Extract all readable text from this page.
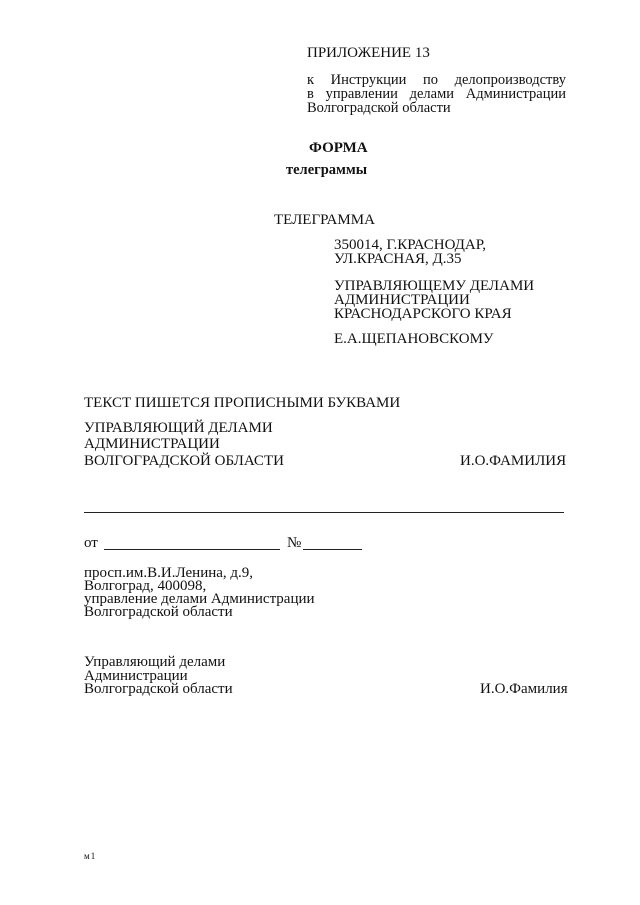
ПРИЛОЖЕНИЕ 13
к Инструкции по делопроизводству
в управлении делами Администрации
Волгоградской области
ФОРМА
телеграммы
ТЕЛЕГРАММА
350014, Г.КРАСНОДАР,
УЛ.КРАСНАЯ, Д.35
УПРАВЛЯЮЩЕМУ ДЕЛАМИ
АДМИНИСТРАЦИИ
КРАСНОДАРСКОГО КРАЯ
Е.А.ЩЕПАНОВСКОМУ
ТЕКСТ ПИШЕТСЯ ПРОПИСНЫМИ БУКВАМИ
УПРАВЛЯЮЩИЙ ДЕЛАМИ
АДМИНИСТРАЦИИ
ВОЛГОГРАДСКОЙ ОБЛАСТИ	И.О.ФАМИЛИЯ
от	№
просп.им.В.И.Ленина, д.9,
Волгоград, 400098,
управление делами Администрации
Волгоградской области
Управляющий делами
Администрации
Волгоградской области	И.О.Фамилия
м1
